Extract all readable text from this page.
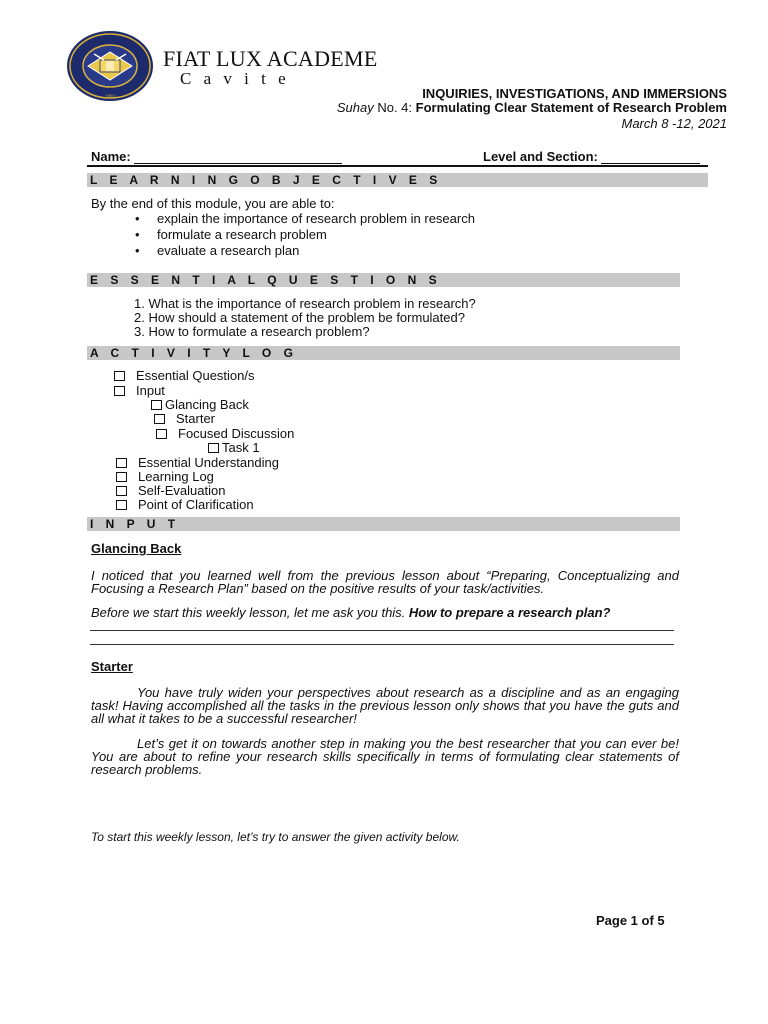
1993
FIAT LUX ACADEME
C a v i t e
INQUIRIES, INVESTIGATIONS, AND IMMERSIONS
Suhay No. 4: Formulating Clear Statement of Research Problem
March 8 -12, 2021
Name:	Level and Section:
L E A R N I N G O B J E C T I V E S
By the end of this module, you are able to:
• explain the importance of research problem in research
• formulate a research problem
• evaluate a research plan
E S S E N T I A L Q U E S T I O N S
1. What is the importance of research problem in research?
2. How should a statement of the problem be formulated?
3. How to formulate a research problem?
A C T I V I T Y L O G
Essential Question/s
Input
Glancing Back
Starter
Focused Discussion
Task 1
Essential Understanding
Learning Log
Self-Evaluation
Point of Clarification
I N P U T
Glancing Back
I noticed that you learned well from the previous lesson about “Preparing, Conceptualizing and Focusing a Research Plan” based on the positive results of your task/activities.
Before we start this weekly lesson, let me ask you this. How to prepare a research plan?
Starter
You have truly widen your perspectives about research as a discipline and as an engaging task! Having accomplished all the tasks in the previous lesson only shows that you have the guts and all what it takes to be a successful researcher!
Let’s get it on towards another step in making you the best researcher that you can ever be! You are about to refine your research skills specifically in terms of formulating clear statements of research problems.
To start this weekly lesson, let’s try to answer the given activity below.
Page 1 of 5
